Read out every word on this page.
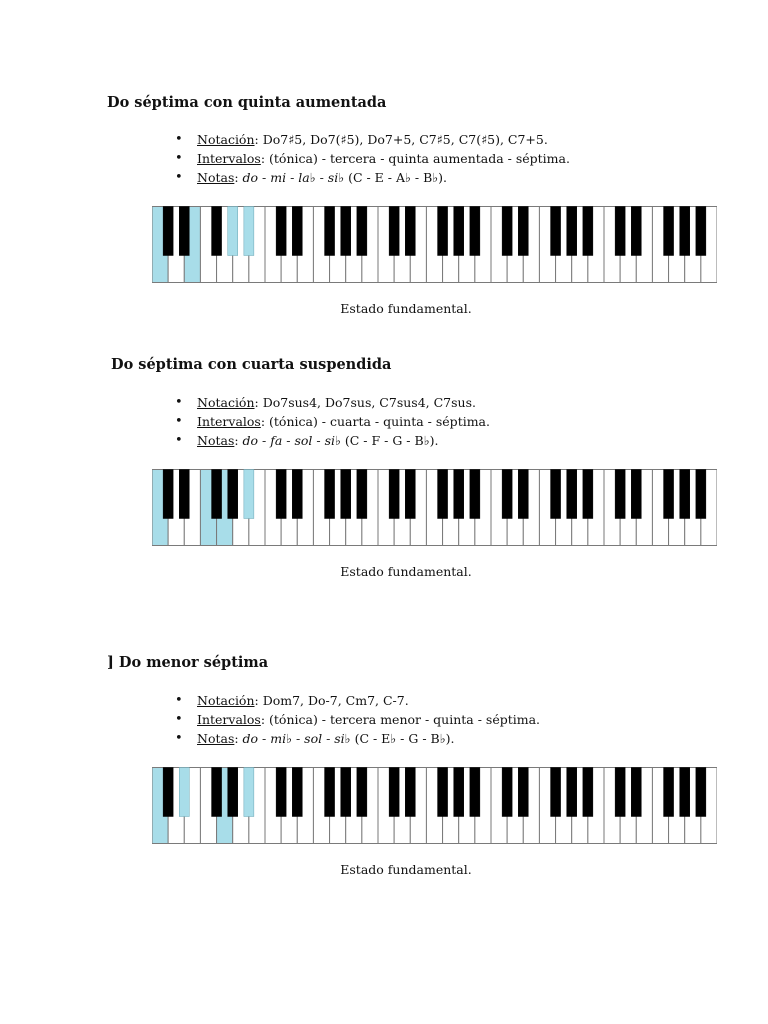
Do séptima con quinta aumentada
• Notación: Do7♯5, Do7(♯5), Do7+5, C7♯5, C7(♯5), C7+5.
• Intervalos: (tónica) - tercera - quinta aumentada - séptima.
• Notas: do - mi - la♭ - si♭ (C - E - A♭ - B♭).
Estado fundamental.
Do séptima con cuarta suspendida
• Notación: Do7sus4, Do7sus, C7sus4, C7sus.
• Intervalos: (tónica) - cuarta - quinta - séptima.
• Notas: do - fa - sol - si♭ (C - F - G - B♭).
Estado fundamental.
] Do menor séptima
• Notación: Dom7, Do-7, Cm7, C-7.
• Intervalos: (tónica) - tercera menor - quinta - séptima.
• Notas: do - mi♭ - sol - si♭ (C - E♭ - G - B♭).
Estado fundamental.
